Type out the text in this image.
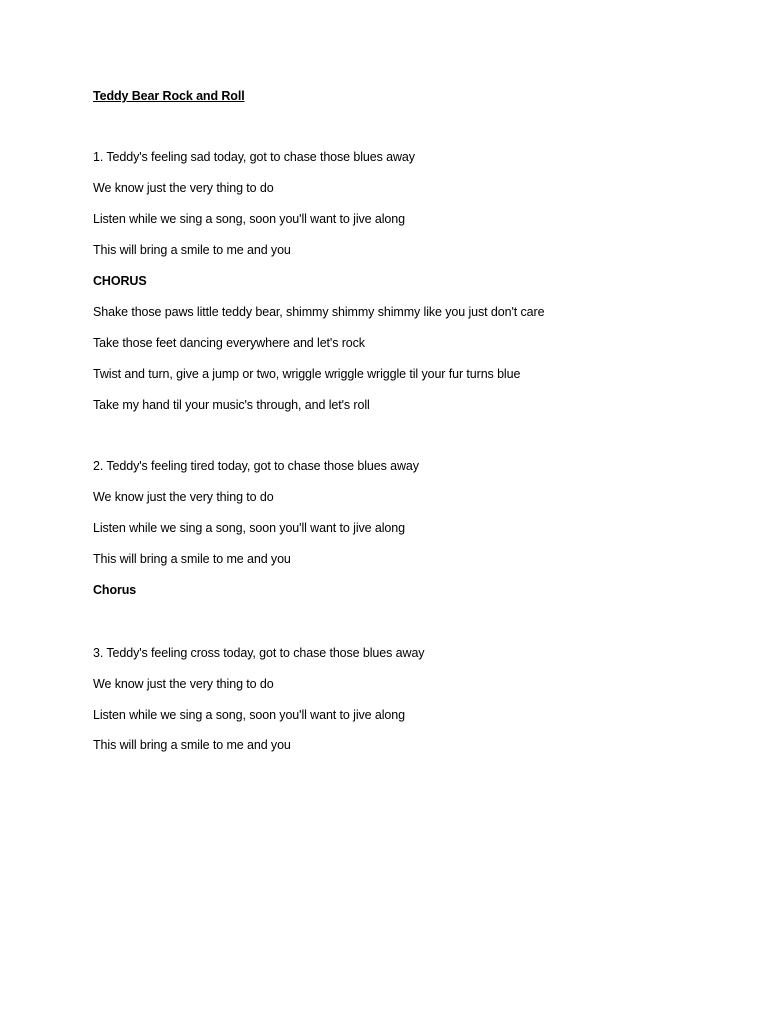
Teddy Bear Rock and Roll
1. Teddy's feeling sad today, got to chase those blues away
We know just the very thing to do
Listen while we sing a song, soon you'll want to jive along
This will bring a smile to me and you
CHORUS
Shake those paws little teddy bear, shimmy shimmy shimmy like you just don't care
Take those feet dancing everywhere and let's rock
Twist and turn, give a jump or two, wriggle wriggle wriggle til your fur turns blue
Take my hand til your music's through, and let's roll
2. Teddy's feeling tired today, got to chase those blues away
We know just the very thing to do
Listen while we sing a song, soon you'll want to jive along
This will bring a smile to me and you
Chorus
3. Teddy's feeling cross today, got to chase those blues away
We know just the very thing to do
Listen while we sing a song, soon you'll want to jive along
This will bring a smile to me and you
